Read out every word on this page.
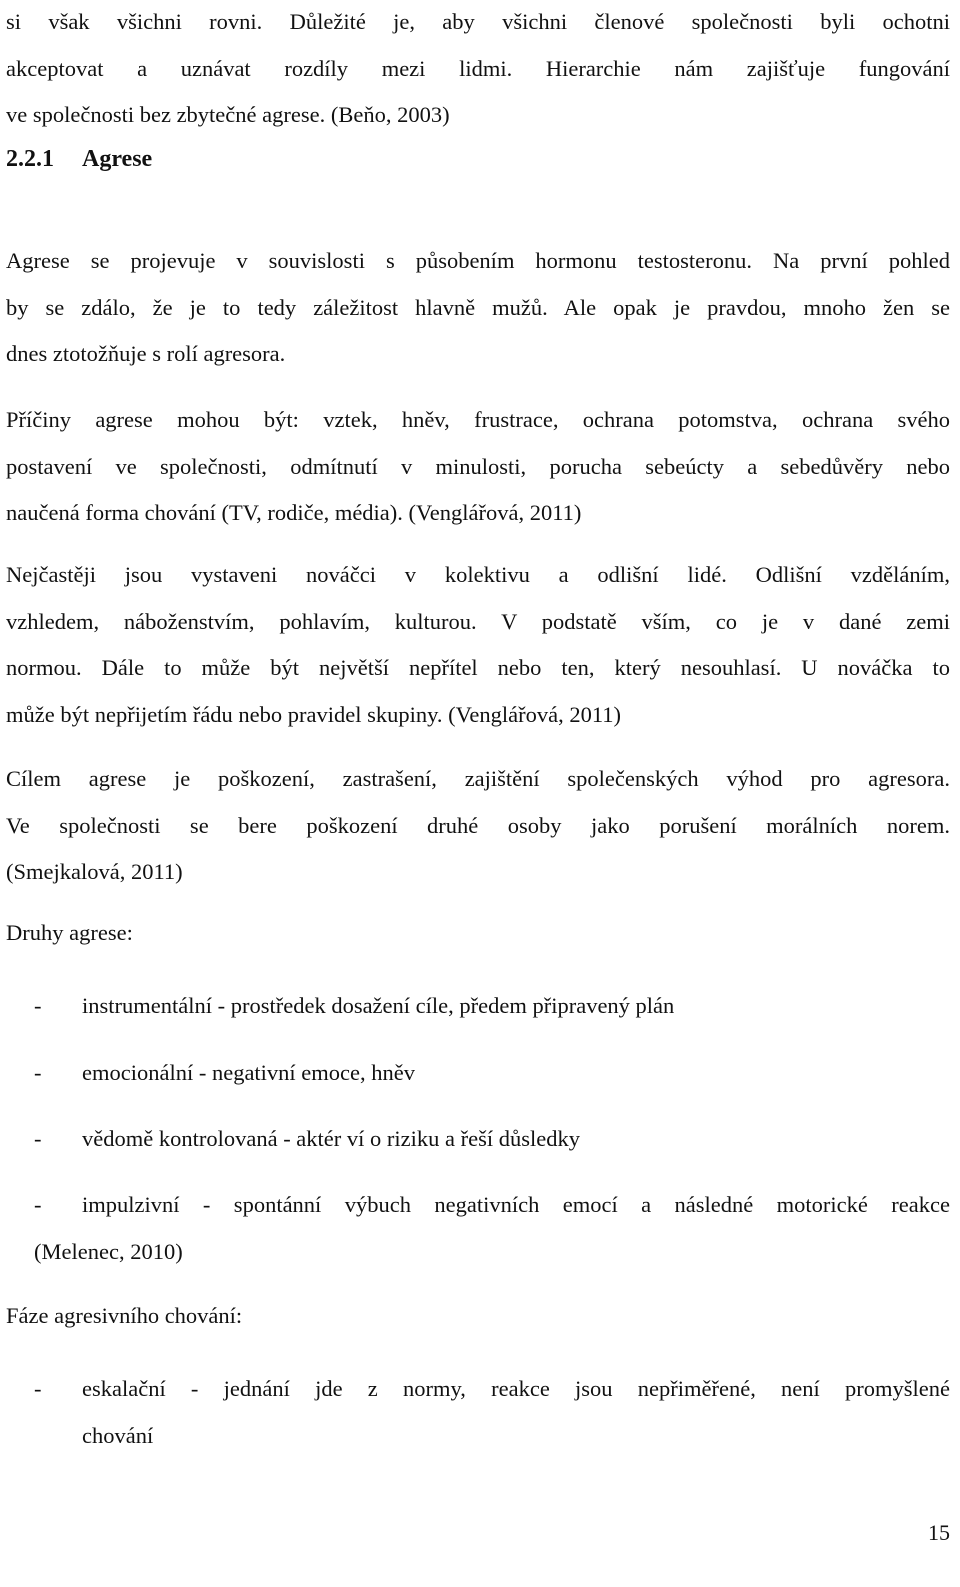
si však všichni rovni. Důležité je, aby všichni členové společnosti byli ochotni
akceptovat a uznávat rozdíly mezi lidmi. Hierarchie nám zajišťuje fungování
ve společnosti bez zbytečné agrese. (Beňo, 2003)
2.2.1 Agrese
Agrese se projevuje v souvislosti s působením hormonu testosteronu. Na první pohled
by se zdálo, že je to tedy záležitost hlavně mužů. Ale opak je pravdou, mnoho žen se
dnes ztotožňuje s rolí agresora.
Příčiny agrese mohou být: vztek, hněv, frustrace, ochrana potomstva, ochrana svého
postavení ve společnosti, odmítnutí v minulosti, porucha sebeúcty a sebedůvěry nebo
naučená forma chování (TV, rodiče, média). (Venglářová, 2011)
Nejčastěji jsou vystaveni nováčci v kolektivu a odlišní lidé. Odlišní vzděláním,
vzhledem, náboženstvím, pohlavím, kulturou. V podstatě vším, co je v dané zemi
normou. Dále to může být největší nepřítel nebo ten, který nesouhlasí. U nováčka to
může být nepřijetím řádu nebo pravidel skupiny. (Venglářová, 2011)
Cílem agrese je poškození, zastrašení, zajištění společenských výhod pro agresora.
Ve společnosti se bere poškození druhé osoby jako porušení morálních norem.
(Smejkalová, 2011)
Druhy agrese:
- instrumentální - prostředek dosažení cíle, předem připravený plán
- emocionální - negativní emoce, hněv
- vědomě kontrolovaná - aktér ví o riziku a řeší důsledky
- impulzivní - spontánní výbuch negativních emocí a následné motorické reakce
(Melenec, 2010)
Fáze agresivního chování:
- eskalační - jednání jde z normy, reakce jsou nepřiměřené, není promyšlené
chování
15
